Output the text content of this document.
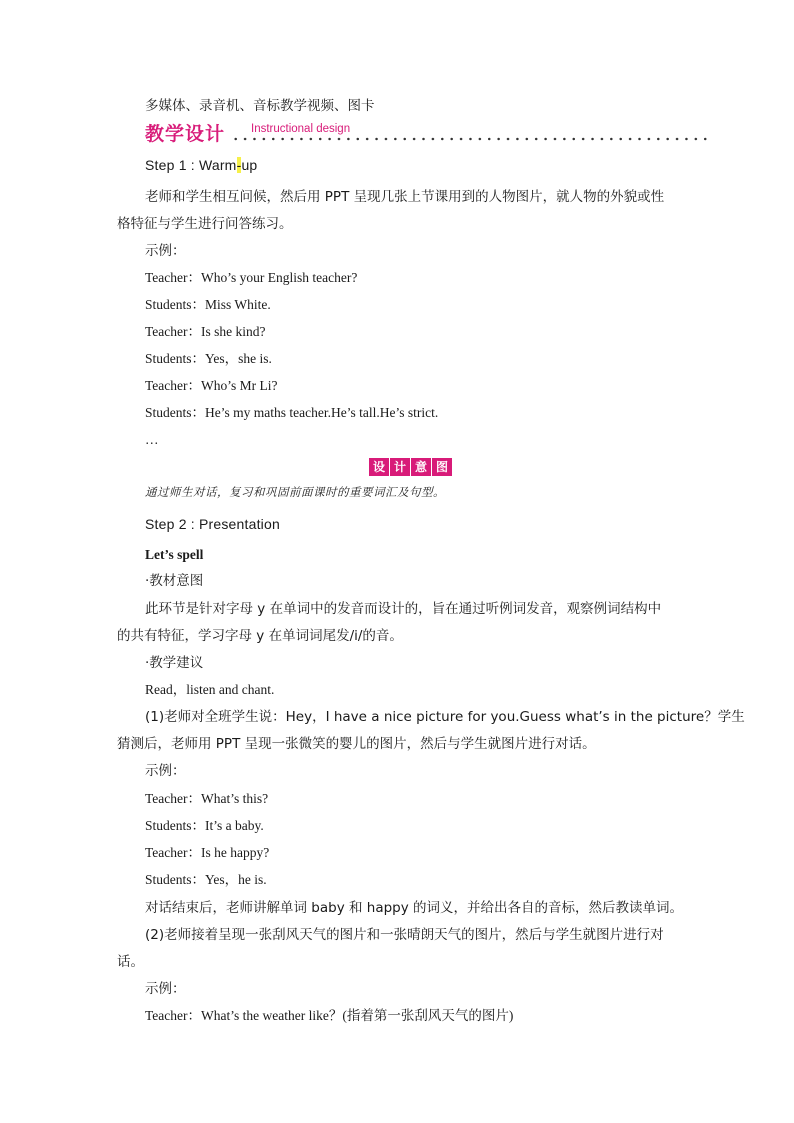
多媒体、录音机、音标教学视频、图卡
教学设计 Instructional design
Step 1 : Warm-up
老师和学生相互问候，然后用 PPT 呈现几张上节课用到的人物图片，就人物的外貌或性
格特征与学生进行问答练习。
示例：
Teacher：Who’s your English teacher?
Students：Miss White.
Teacher：Is she kind?
Students：Yes，she is.
Teacher：Who’s Mr Li?
Students：He’s my maths teacher.He’s tall.He’s strict.
…
设 计 意 图
通过师生对话，复习和巩固前面课时的重要词汇及句型。
Step 2 : Presentation
Let’s spell
·教材意图
此环节是针对字母 y 在单词中的发音而设计的，旨在通过听例词发音，观察例词结构中
的共有特征，学习字母 y 在单词词尾发/i/的音。
·教学建议
Read，listen and chant.
(1)老师对全班学生说：Hey，I have a nice picture for you.Guess what’s in the picture？学生
猜测后，老师用 PPT 呈现一张微笑的婴儿的图片，然后与学生就图片进行对话。
示例：
Teacher：What’s this?
Students：It’s a baby.
Teacher：Is he happy?
Students：Yes，he is.
对话结束后，老师讲解单词 baby 和 happy 的词义，并给出各自的音标，然后教读单词。
(2)老师接着呈现一张刮风天气的图片和一张晴朗天气的图片，然后与学生就图片进行对
话。
示例：
Teacher：What’s the weather like？(指着第一张刮风天气的图片)
